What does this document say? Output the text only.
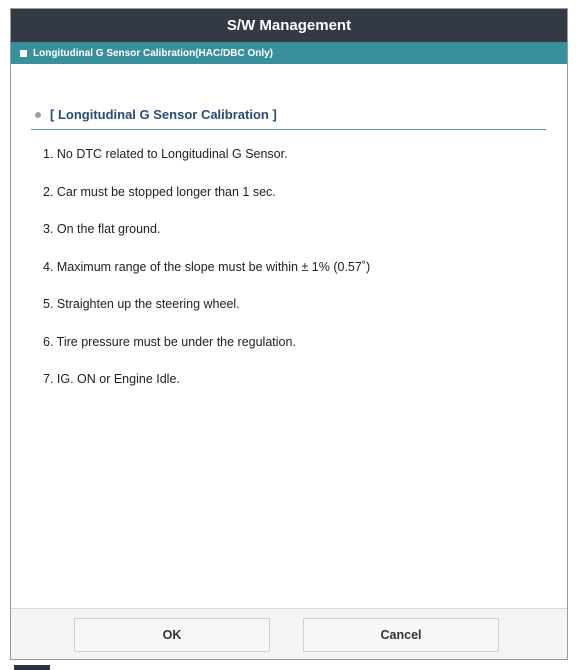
S/W Management
Longitudinal G Sensor Calibration(HAC/DBC Only)
[ Longitudinal G Sensor Calibration ]
1. No DTC related to Longitudinal G Sensor.
2. Car must be stopped longer than 1 sec.
3. On the flat ground.
4. Maximum range of the slope must be within ± 1% (0.57˚)
5. Straighten up the steering wheel.
6. Tire pressure must be under the regulation.
7. IG. ON or Engine Idle.
OK	Cancel
